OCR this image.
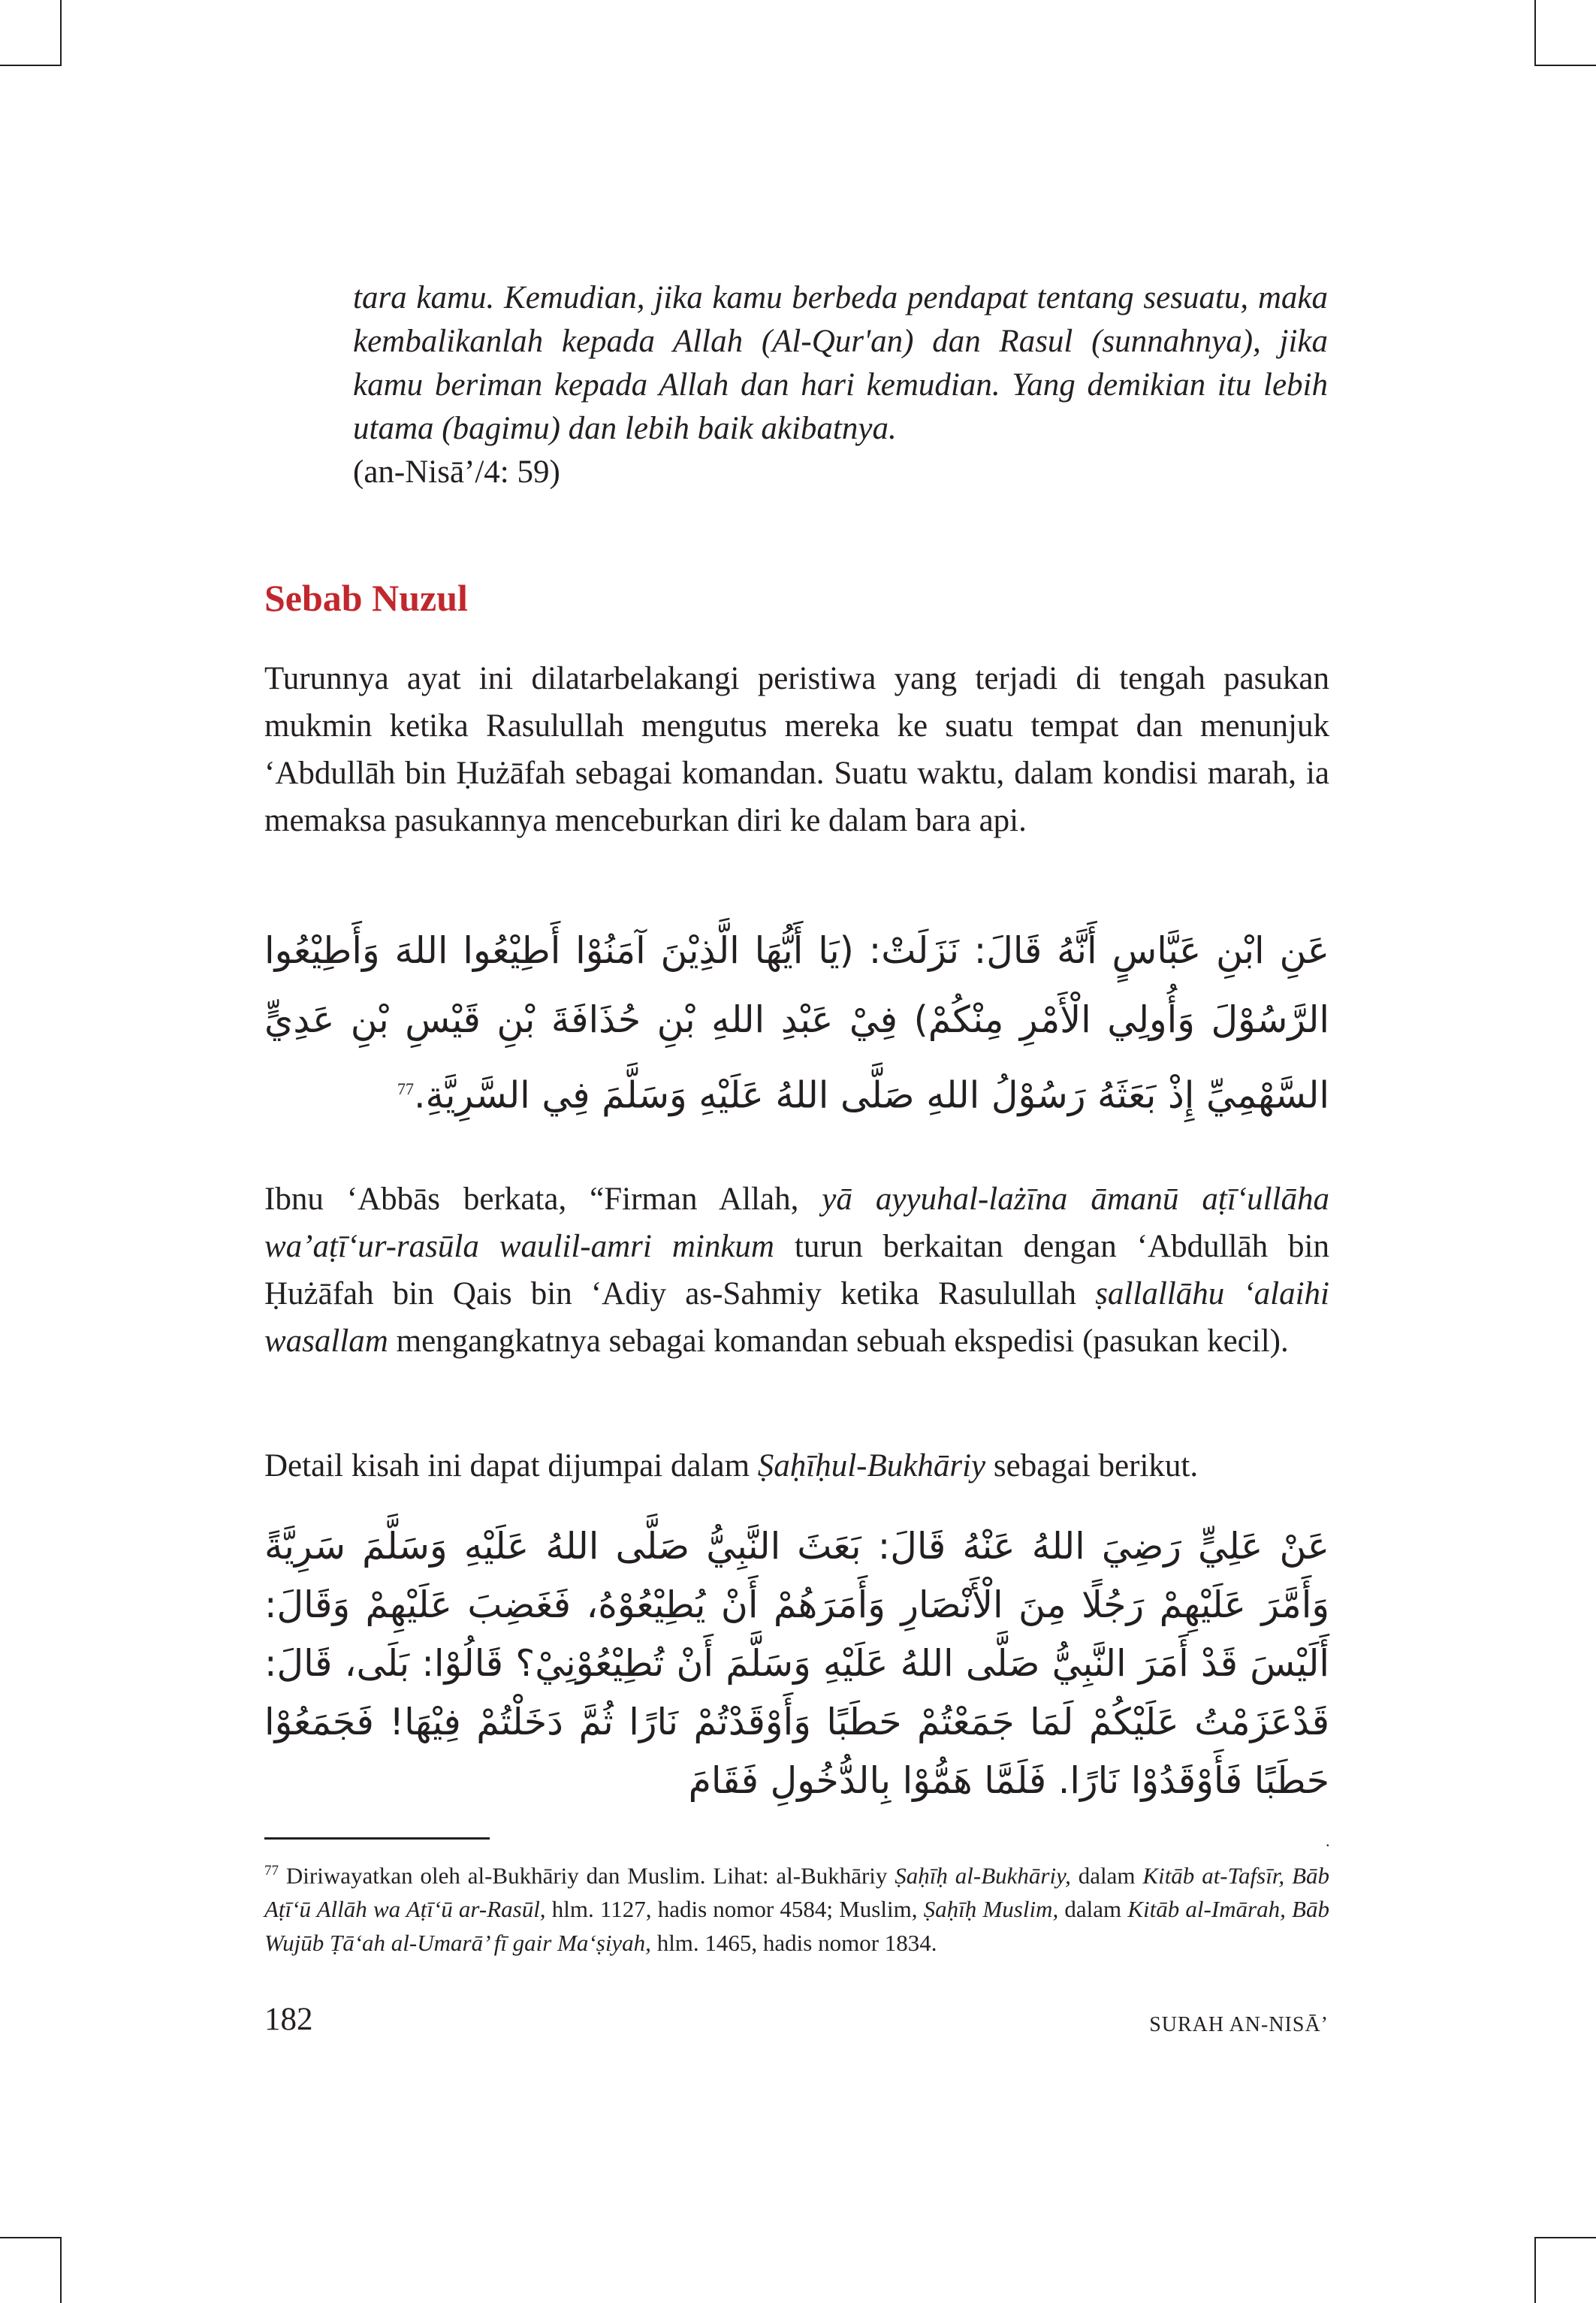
tara kamu. Kemudian, jika kamu berbeda pendapat tentang sesuatu, maka kembalikanlah kepada Allah (Al-Qur'an) dan Rasul (sunnahnya), jika kamu beriman kepada Allah dan hari kemudian. Yang demikian itu lebih utama (bagimu) dan lebih baik akibatnya.

(an-Nisā’/4: 59)

Sebab Nuzul

Turunnya ayat ini dilatarbelakangi peristiwa yang terjadi di tengah pasukan mukmin ketika Rasulullah mengutus mereka ke suatu tempat dan menunjuk ‘Abdullāh bin Ḥużāfah sebagai komandan. Suatu waktu, dalam kondisi marah, ia memaksa pasukannya menceburkan diri ke dalam bara api.

عَنِ ابْنِ عَبَّاسٍ أَنَّهُ قَالَ: نَزَلَتْ: (يَا أَيُّهَا الَّذِيْنَ آمَنُوْا أَطِيْعُوا اللهَ وَأَطِيْعُوا الرَّسُوْلَ وَأُولِي الْأَمْرِ مِنْكُمْ) فِيْ عَبْدِ اللهِ بْنِ حُذَافَةَ بْنِ قَيْسِ بْنِ عَدِيٍّ السَّهْمِيِّ إِذْ بَعَثَهُ رَسُوْلُ اللهِ صَلَّى اللهُ عَلَيْهِ وَسَلَّمَ فِي السَّرِيَّةِ.$^{77}$

Ibnu ‘Abbās berkata, “Firman Allah, yā ayyuhal-lażīna āmanū aṭī‘ullāha wa’aṭī‘ur-rasūla waulil-amri minkum turun berkaitan dengan ‘Abdullāh bin Ḥużāfah bin Qais bin ‘Adiy as-Sahmiy ketika Rasulullah ṣallallāhu ‘alaihi wasallam mengangkatnya sebagai komandan sebuah ekspedisi (pasukan kecil).

Detail kisah ini dapat dijumpai dalam Ṣaḥīḥul-Bukhāriy sebagai berikut.

عَنْ عَلِيٍّ رَضِيَ اللهُ عَنْهُ قَالَ: بَعَثَ النَّبِيُّ صَلَّى اللهُ عَلَيْهِ وَسَلَّمَ سَرِيَّةً وَأَمَّرَ عَلَيْهِمْ رَجُلًا مِنَ الْأَنْصَارِ وَأَمَرَهُمْ أَنْ يُطِيْعُوْهُ، فَغَضِبَ عَلَيْهِمْ وَقَالَ: أَلَيْسَ قَدْ أَمَرَ النَّبِيُّ صَلَّى اللهُ عَلَيْهِ وَسَلَّمَ أَنْ تُطِيْعُوْنِيْ؟ قَالُوْا: بَلَى، قَالَ: قَدْعَزَمْتُ عَلَيْكُمْ لَمَا جَمَعْتُمْ حَطَبًا وَأَوْقَدْتُمْ نَارًا ثُمَّ دَخَلْتُمْ فِيْهَا! فَجَمَعُوْا حَطَبًا فَأَوْقَدُوْا نَارًا. فَلَمَّا هَمُّوْا بِالدُّخُولِ فَقَامَ

.

$^{77}$ Diriwayatkan oleh al-Bukhāriy dan Muslim. Lihat: al-Bukhāriy Ṣaḥīḥ al-Bukhāriy, dalam Kitāb at-Tafsīr, Bāb Aṭī‘ū Allāh wa Aṭī‘ū ar-Rasūl, hlm. 1127, hadis nomor 4584; Muslim, Ṣaḥīḥ Muslim, dalam Kitāb al-Imārah, Bāb Wujūb Ṭā‘ah al-Umarā’ fī gair Ma‘ṣiyah, hlm. 1465, hadis nomor 1834.

182	SURAH AN-NISĀ’
